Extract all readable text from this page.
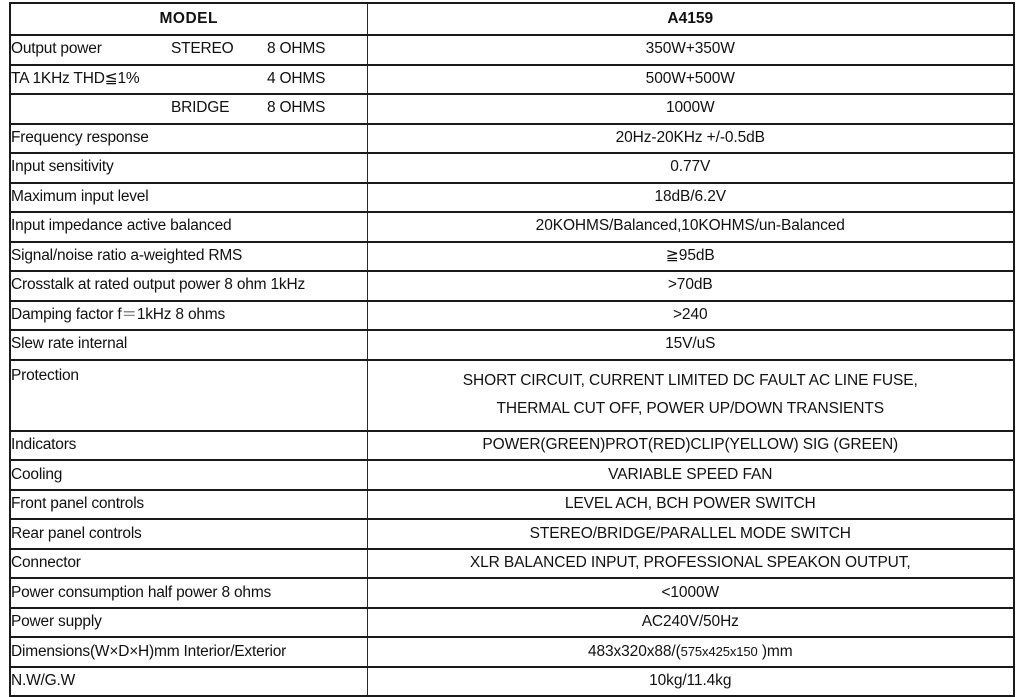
MODEL	A4159

Output power STEREO 8 OHMS	350W+350W

TA 1KHz THD≦1% 4 OHMS	500W+500W

BRIDGE 8 OHMS	1000W
Frequency response	20Hz-20KHz +/-0.5dB
Input sensitivity	0.77V
Maximum input level	18dB/6.2V
Input impedance active balanced	20KOHMS/Balanced,10KOHMS/un-Balanced
Signal/noise ratio a-weighted RMS	≧95dB
Crosstalk at rated output power 8 ohm 1kHz	>70dB
Damping factor f＝1kHz 8 ohms	>240
Slew rate internal	15V/uS
Protection	SHORT CIRCUIT, CURRENT LIMITED DC FAULT AC LINE FUSE,
THERMAL CUT OFF, POWER UP/DOWN TRANSIENTS

Indicators	POWER(GREEN)PROT(RED)CLIP(YELLOW) SIG (GREEN)
Cooling	VARIABLE SPEED FAN
Front panel controls	LEVEL ACH, BCH POWER SWITCH
Rear panel controls	STEREO/BRIDGE/PARALLEL MODE SWITCH
Connector	XLR BALANCED INPUT, PROFESSIONAL SPEAKON OUTPUT,
Power consumption half power 8 ohms	<1000W
Power supply	AC240V/50Hz
Dimensions(W×D×H)mm Interior/Exterior	483x320x88/(575x425x150 )mm
N.W/G.W	10kg/11.4kg
